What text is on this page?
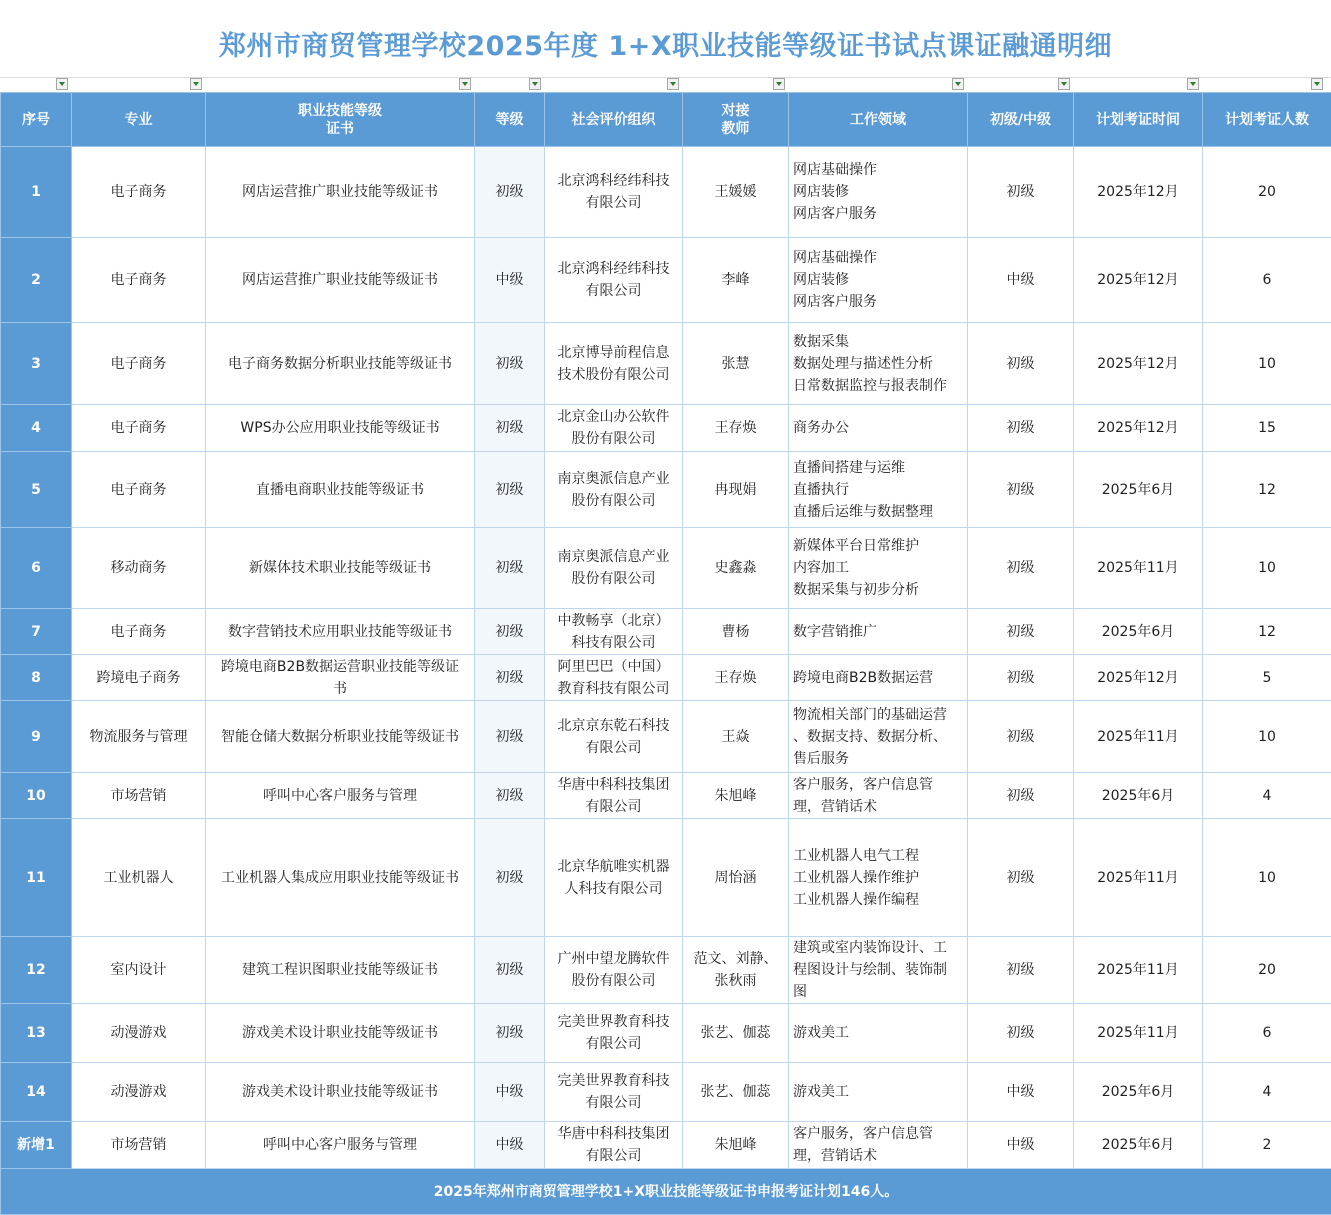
郑州市商贸管理学校2025年度 1+X职业技能等级证书试点课证融通明细
序号	专业	职业技能等级
证书	等级	社会评价组织	对接
教师	工作领域	初级/中级	计划考证时间	计划考证人数
1	电子商务	网店运营推广职业技能等级证书	初级	北京鸿科经纬科技
有限公司	王媛媛	网店基础操作
网店装修
网店客户服务	初级	2025年12月	20
2	电子商务	网店运营推广职业技能等级证书	中级	北京鸿科经纬科技
有限公司	李峰	网店基础操作
网店装修
网店客户服务	中级	2025年12月	6
3	电子商务	电子商务数据分析职业技能等级证书	初级	北京博导前程信息
技术股份有限公司	张慧	数据采集
数据处理与描述性分析
日常数据监控与报表制作	初级	2025年12月	10
4	电子商务	WPS办公应用职业技能等级证书	初级	北京金山办公软件
股份有限公司	王存焕	商务办公	初级	2025年12月	15
5	电子商务	直播电商职业技能等级证书	初级	南京奥派信息产业
股份有限公司	冉现娟	直播间搭建与运维
直播执行
直播后运维与数据整理	初级	2025年6月	12
6	移动商务	新媒体技术职业技能等级证书	初级	南京奥派信息产业
股份有限公司	史鑫淼	新媒体平台日常维护
内容加工
数据采集与初步分析	初级	2025年11月	10
7	电子商务	数字营销技术应用职业技能等级证书	初级	中教畅享（北京）
科技有限公司	曹杨	数字营销推广	初级	2025年6月	12
8	跨境电子商务	跨境电商B2B数据运营职业技能等级证
书	初级	阿里巴巴（中国）
教育科技有限公司	王存焕	跨境电商B2B数据运营	初级	2025年12月	5
9	物流服务与管理	智能仓储大数据分析职业技能等级证书	初级	北京京东乾石科技
有限公司	王焱	物流相关部门的基础运营
、数据支持、数据分析、
售后服务	初级	2025年11月	10
10	市场营销	呼叫中心客户服务与管理	初级	华唐中科科技集团
有限公司	朱旭峰	客户服务，客户信息管
理，营销话术	初级	2025年6月	4
11	工业机器人	工业机器人集成应用职业技能等级证书	初级	北京华航唯实机器
人科技有限公司	周怡涵	工业机器人电气工程
工业机器人操作维护
工业机器人操作编程	初级	2025年11月	10
12	室内设计	建筑工程识图职业技能等级证书	初级	广州中望龙腾软件
股份有限公司	范文、刘静、
张秋雨	建筑或室内装饰设计、工
程图设计与绘制、装饰制
图	初级	2025年11月	20
13	动漫游戏	游戏美术设计职业技能等级证书	初级	完美世界教育科技
有限公司	张艺、伽蕊	游戏美工	初级	2025年11月	6
14	动漫游戏	游戏美术设计职业技能等级证书	中级	完美世界教育科技
有限公司	张艺、伽蕊	游戏美工	中级	2025年6月	4
新增1	市场营销	呼叫中心客户服务与管理	中级	华唐中科科技集团
有限公司	朱旭峰	客户服务，客户信息管
理，营销话术	中级	2025年6月	2
2025年郑州市商贸管理学校1+X职业技能等级证书申报考证计划146人。									
